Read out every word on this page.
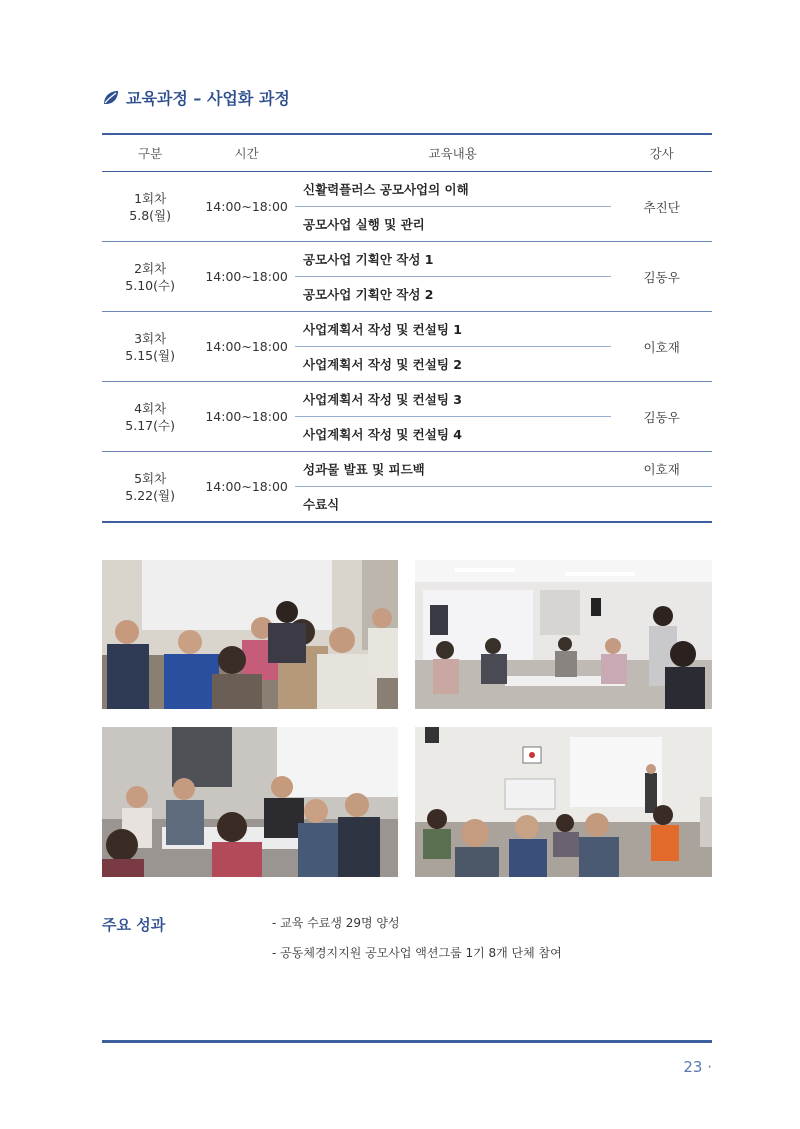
교육과정 – 사업화 과정
구분	시간	교육내용	강사

1회차
5.8(월)	14:00~18:00	신활력플러스 공모사업의 이해	추진단
		공모사업 실행 및 관리	

2회차
5.10(수)	14:00~18:00	공모사업 기획안 작성 1	김동우
		공모사업 기획안 작성 2	

3회차
5.15(월)	14:00~18:00	사업계획서 작성 및 컨설팅 1	이호재
		사업계획서 작성 및 컨설팅 2	

4회차
5.17(수)	14:00~18:00	사업계획서 작성 및 컨설팅 3	김동우
		사업계획서 작성 및 컨설팅 4	

5회차
5.22(월)	14:00~18:00	성과물 발표 및 피드백	이호재
		수료식	
주요 성과	- 교육 수료생 29명 양성
- 공동체경지지원 공모사업 액션그룹 1기 8개 단체 참여
23 ·
